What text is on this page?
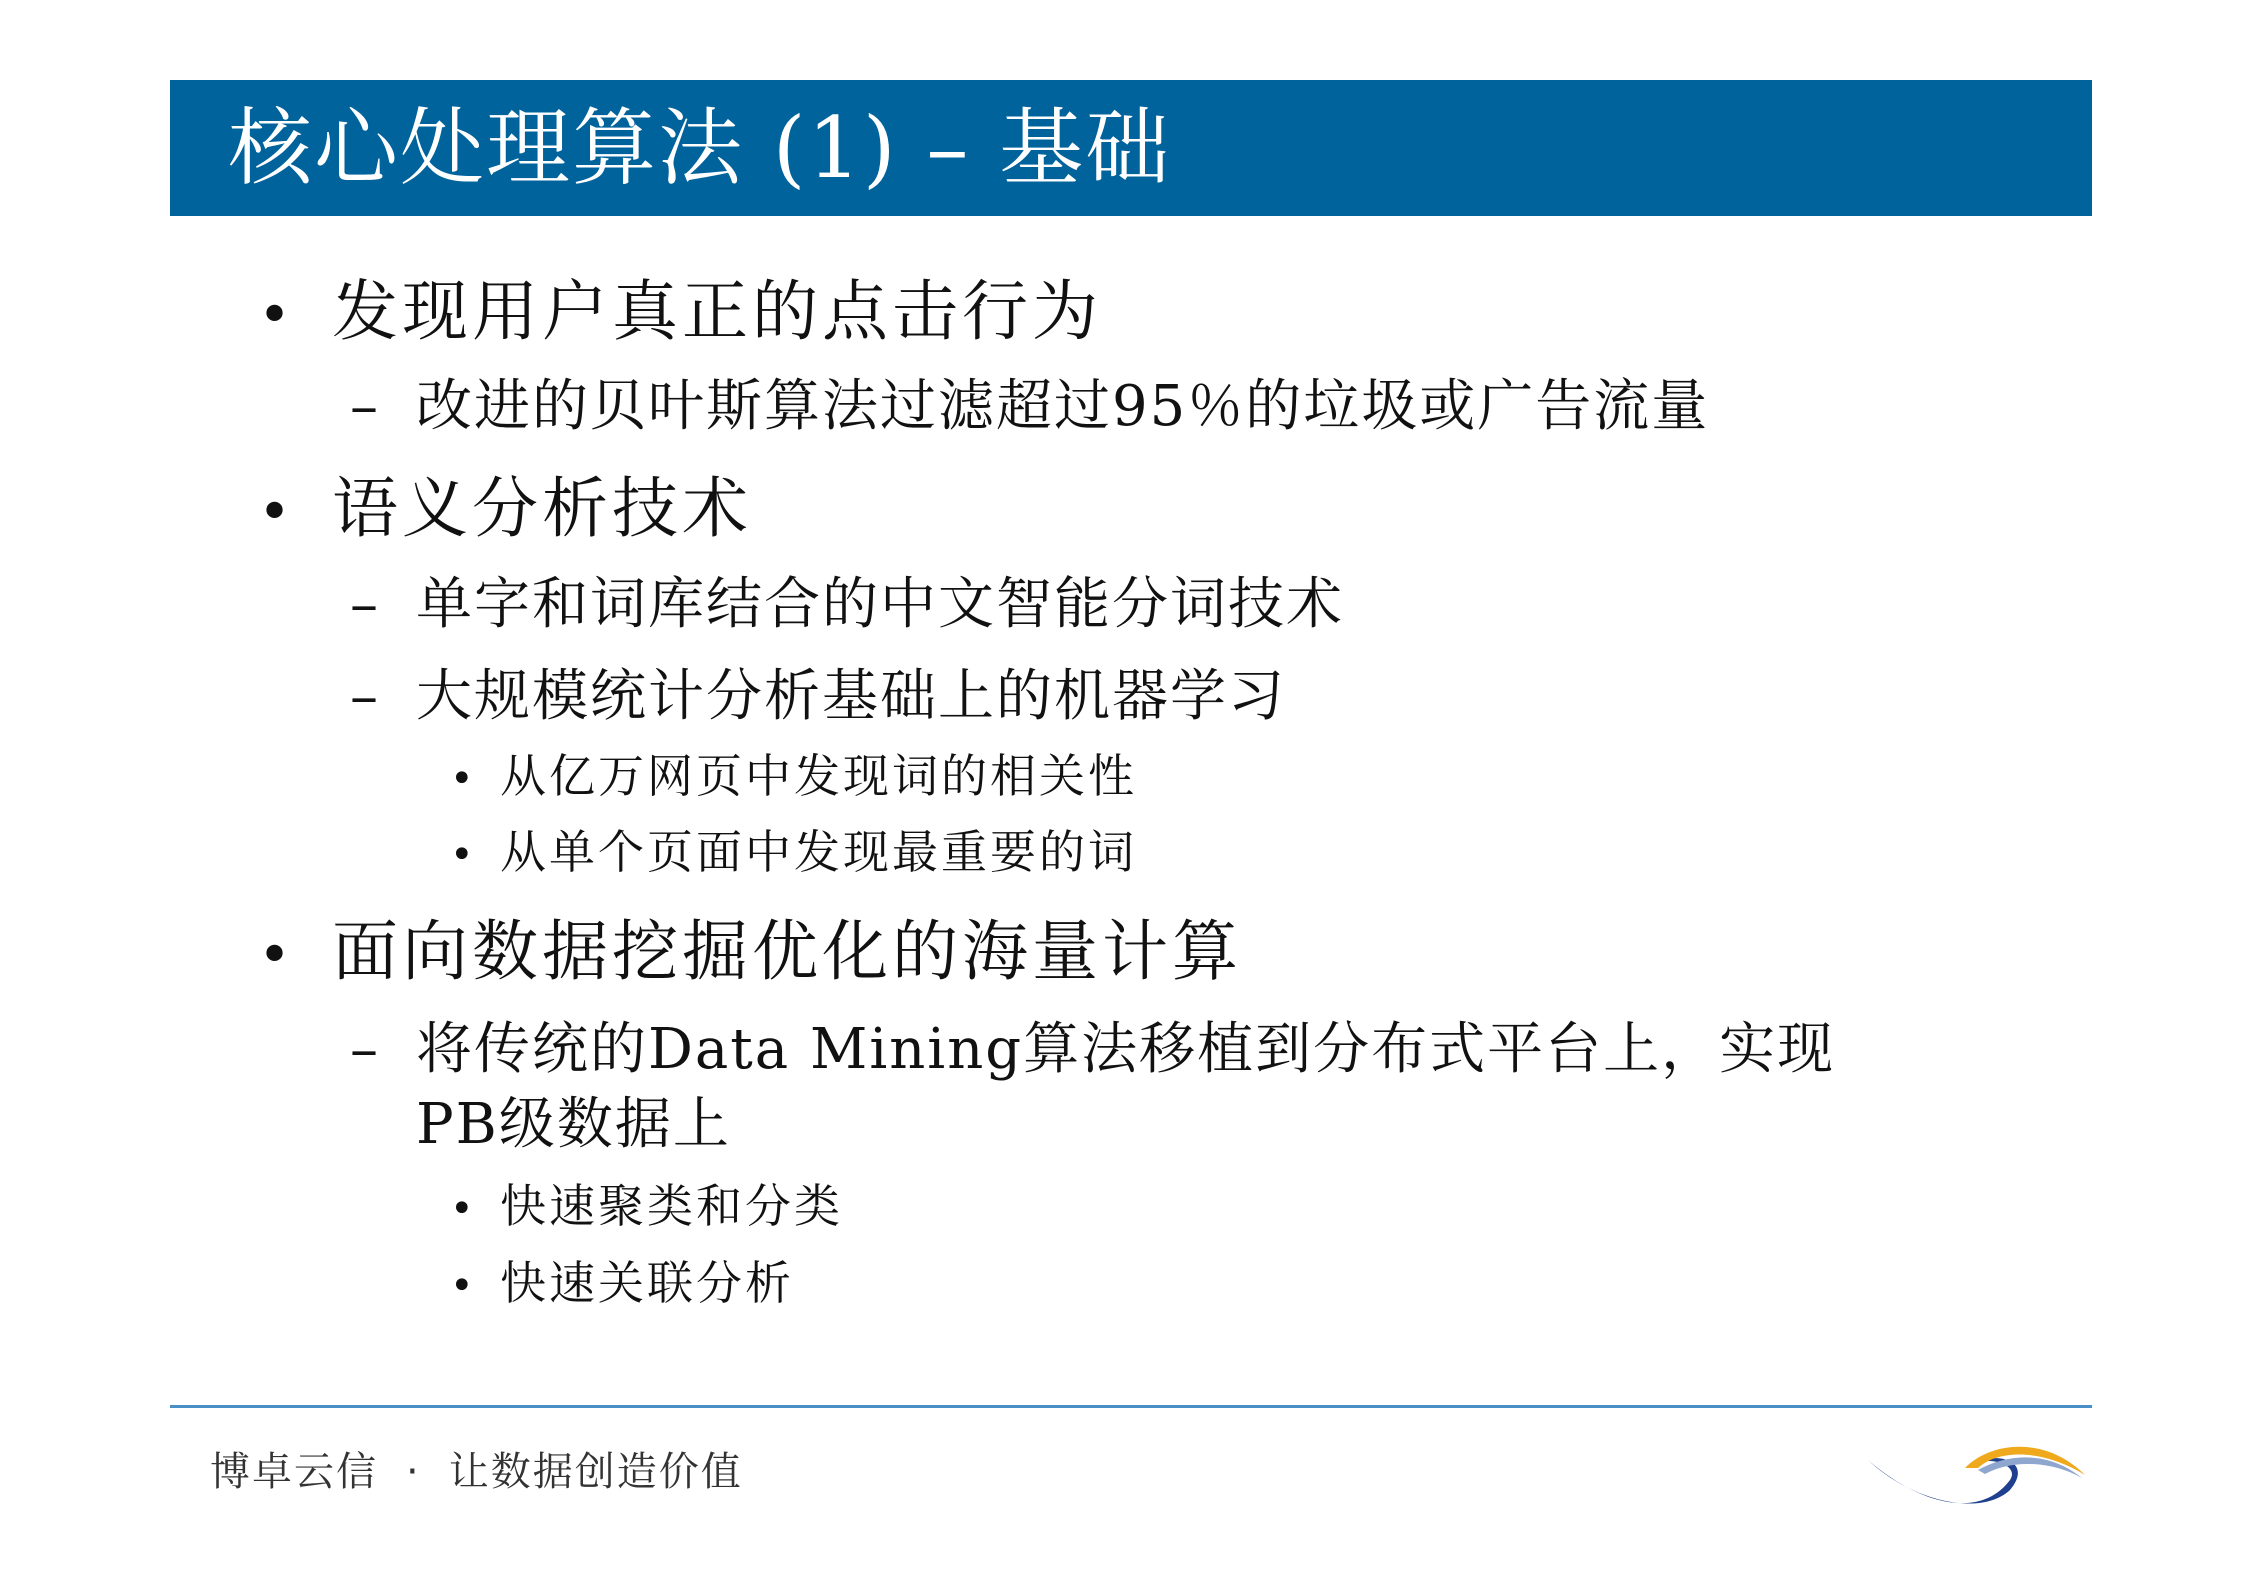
核心处理算法 (1) – 基础
• 发现用户真正的点击行为
– 改进的贝叶斯算法过滤超过95％的垃圾或广告流量
• 语义分析技术
– 单字和词库结合的中文智能分词技术
– 大规模统计分析基础上的机器学习
• 从亿万网页中发现词的相关性
• 从单个页面中发现最重要的词
• 面向数据挖掘优化的海量计算
– 将传统的Data Mining算法移植到分布式平台上，实现
PB级数据上
• 快速聚类和分类
• 快速关联分析
博卓云信 · 让数据创造价值
